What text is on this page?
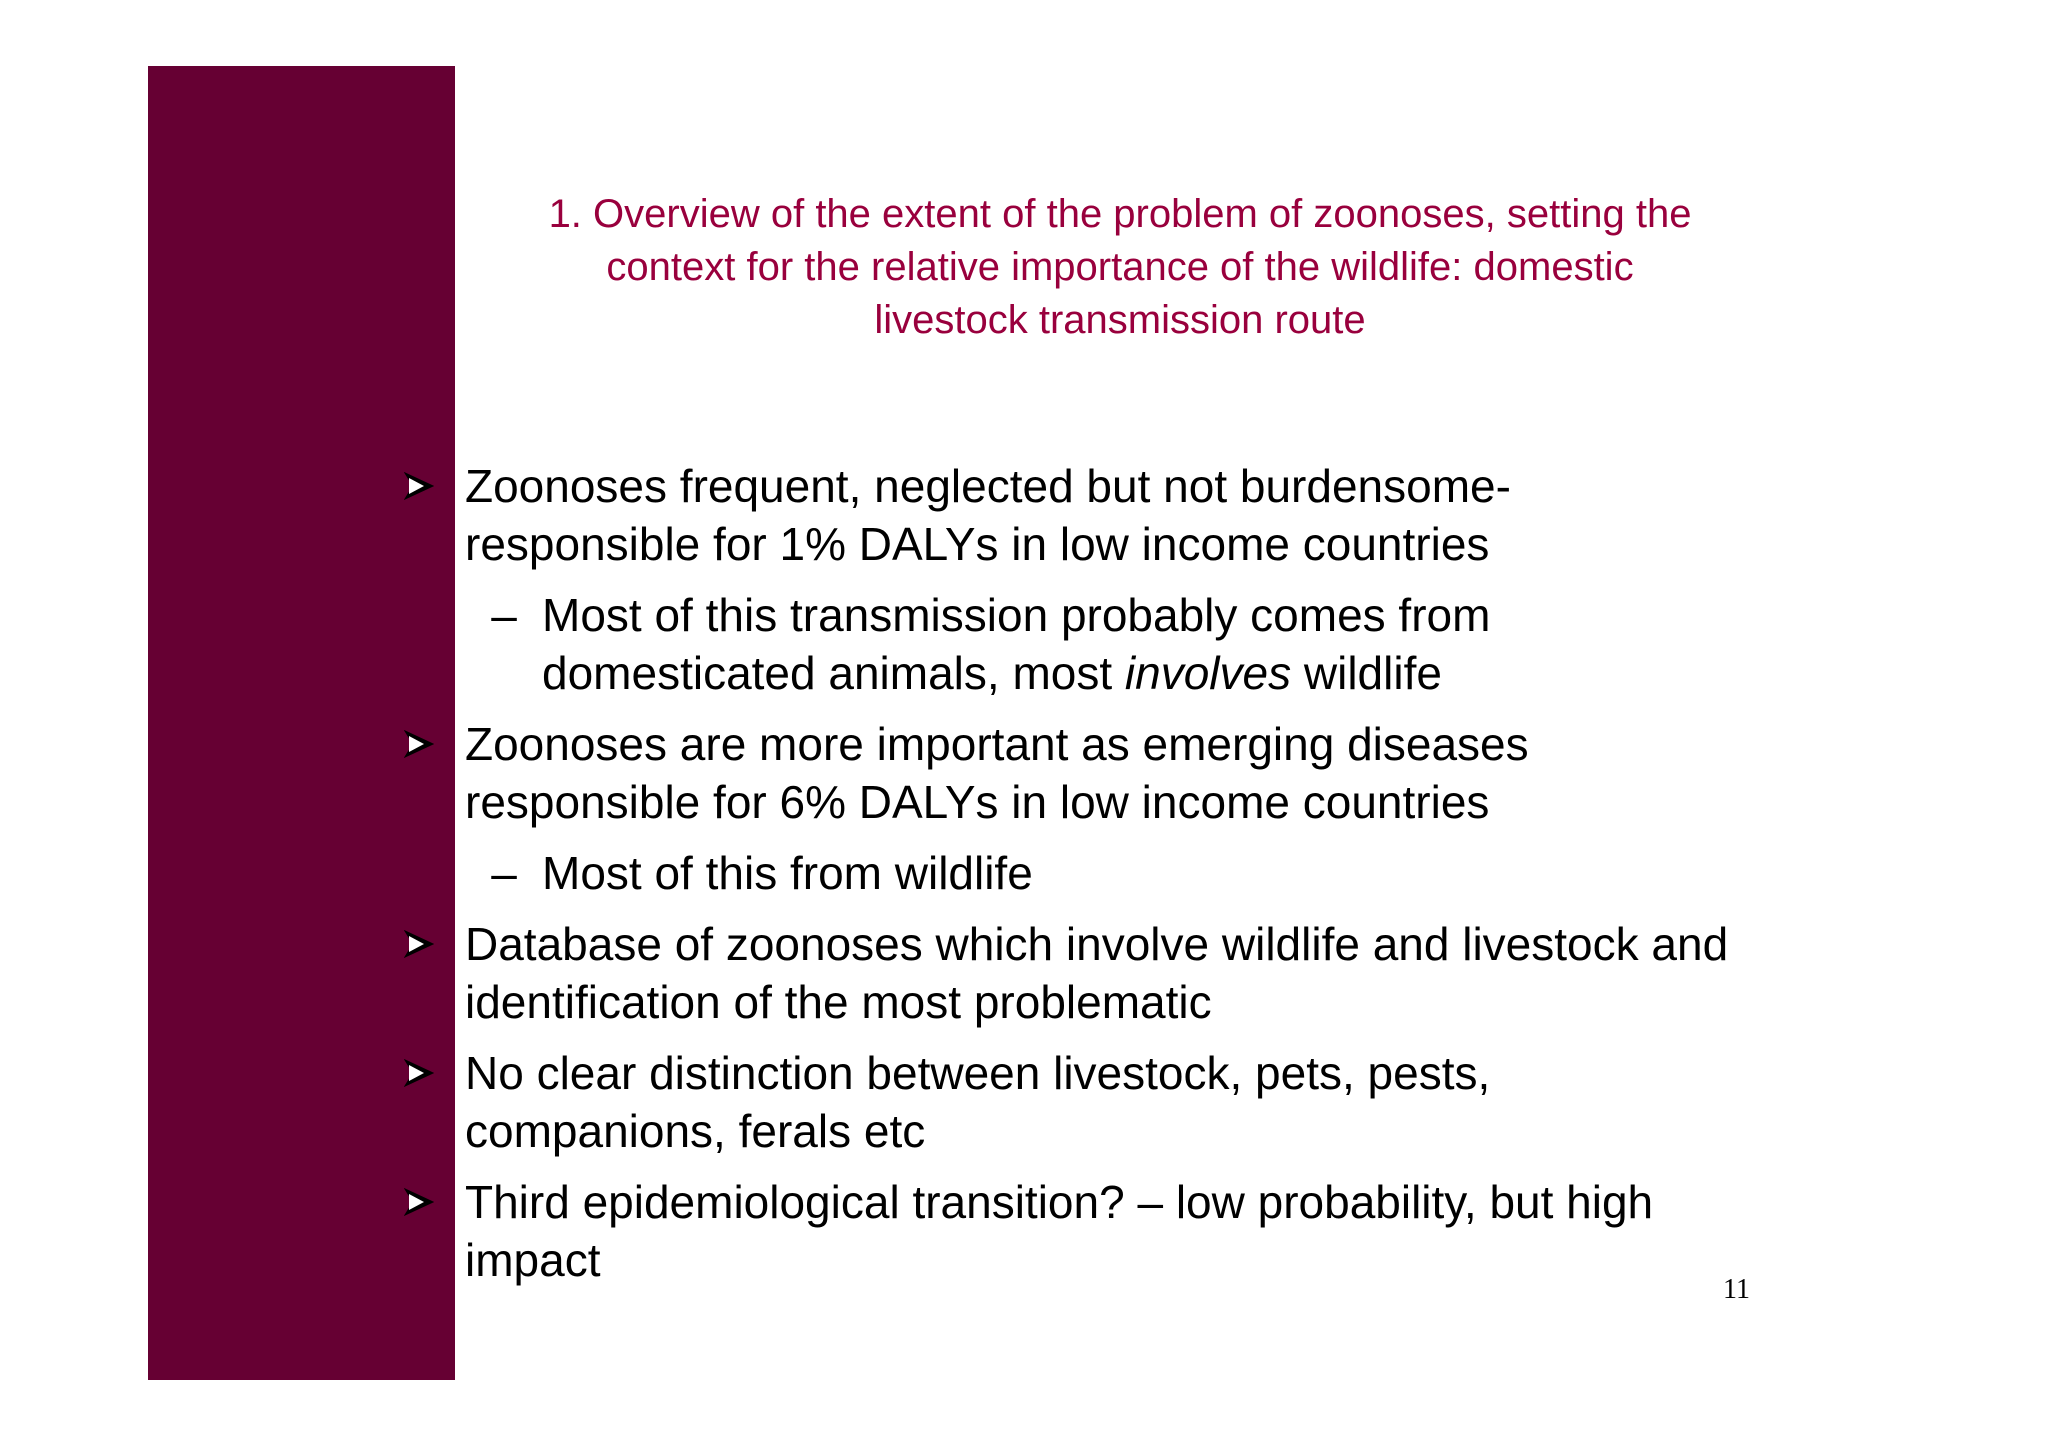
1. Overview of the extent of the problem of zoonoses, setting the
context for the relative importance of the wildlife: domestic
livestock transmission route
Zoonoses frequent, neglected but not burdensome-
responsible for 1% DALYs in low income countries
– Most of this transmission probably comes from
domesticated animals, most involves wildlife
Zoonoses are more important as emerging diseases
responsible for 6% DALYs in low income countries
– Most of this from wildlife
Database of zoonoses which involve wildlife and livestock and
identification of the most problematic
No clear distinction between livestock, pets, pests,
companions, ferals etc
Third epidemiological transition? – low probability, but high
impact
11
